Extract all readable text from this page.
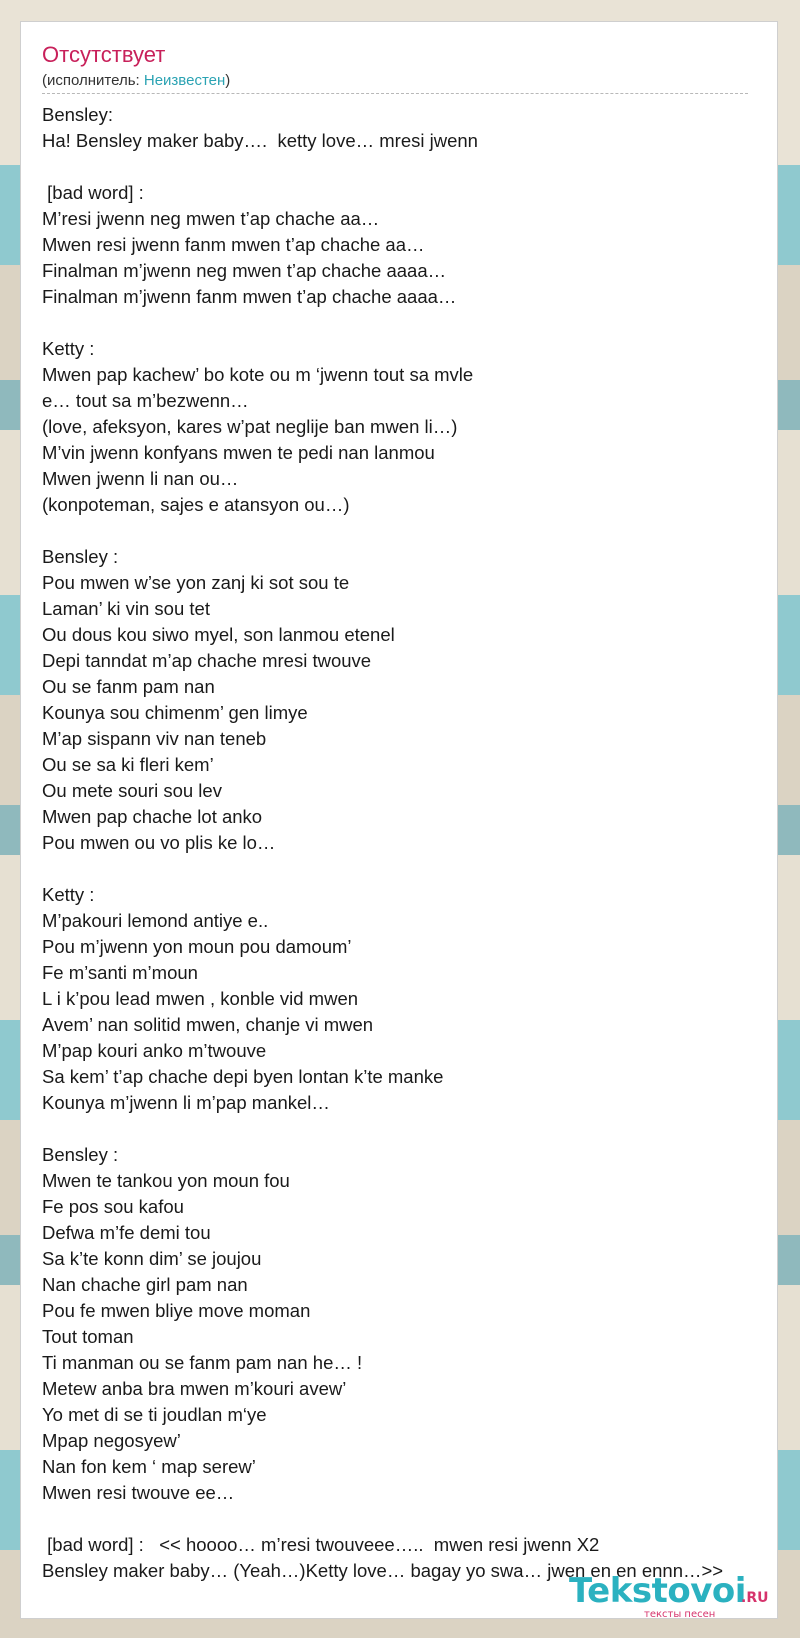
Отсутствует
(исполнитель: Неизвестен)
Bensley:
Ha! Bensley maker baby….  ketty love… mresi jwenn
[bad word] :
M’resi jwenn neg mwen t’ap chache aa…
Mwen resi jwenn fanm mwen t’ap chache aa…
Finalman m’jwenn neg mwen t’ap chache aaaa…
Finalman m’jwenn fanm mwen t’ap chache aaaa…
Ketty :
Mwen pap kachew’ bo kote ou m ‘jwenn tout sa mvle
e… tout sa m’bezwenn…
(love, afeksyon, kares w’pat neglije ban mwen li…)
M’vin jwenn konfyans mwen te pedi nan lanmou
Mwen jwenn li nan ou…
(konpoteman, sajes e atansyon ou…)
Bensley :
Pou mwen w’se yon zanj ki sot sou te
Laman’ ki vin sou tet
Ou dous kou siwo myel, son lanmou etenel
Depi tanndat m’ap chache mresi twouve
Ou se fanm pam nan
Kounya sou chimenm’ gen limye
M’ap sispann viv nan teneb
Ou se sa ki fleri kem’
Ou mete souri sou lev
Mwen pap chache lot anko
Pou mwen ou vo plis ke lo…
Ketty :
M’pakouri lemond antiye e..
Pou m’jwenn yon moun pou damoum’
Fe m’santi m’moun
L i k’pou lead mwen , konble vid mwen
Avem’ nan solitid mwen, chanje vi mwen
M’pap kouri anko m’twouve
Sa kem’ t’ap chache depi byen lontan k’te manke
Kounya m’jwenn li m’pap mankel…
Bensley :
Mwen te tankou yon moun fou
Fe pos sou kafou
Defwa m’fe demi tou
Sa k’te konn dim’ se joujou
Nan chache girl pam nan
Pou fe mwen bliye move moman
Tout toman
Ti manman ou se fanm pam nan he… !
Metew anba bra mwen m’kouri avew’
Yo met di se ti joudlan m‘ye
Mpap negosyew’
Nan fon kem ‘ map serew’
Mwen resi twouve ee…
[bad word] :   << hoooo… m’resi twouveee…..  mwen resi jwenn X2
Bensley maker baby… (Yeah…)Ketty love… bagay yo swa… jwen en en ennn…>>
Tekstovoi
.RU
тексты песен
